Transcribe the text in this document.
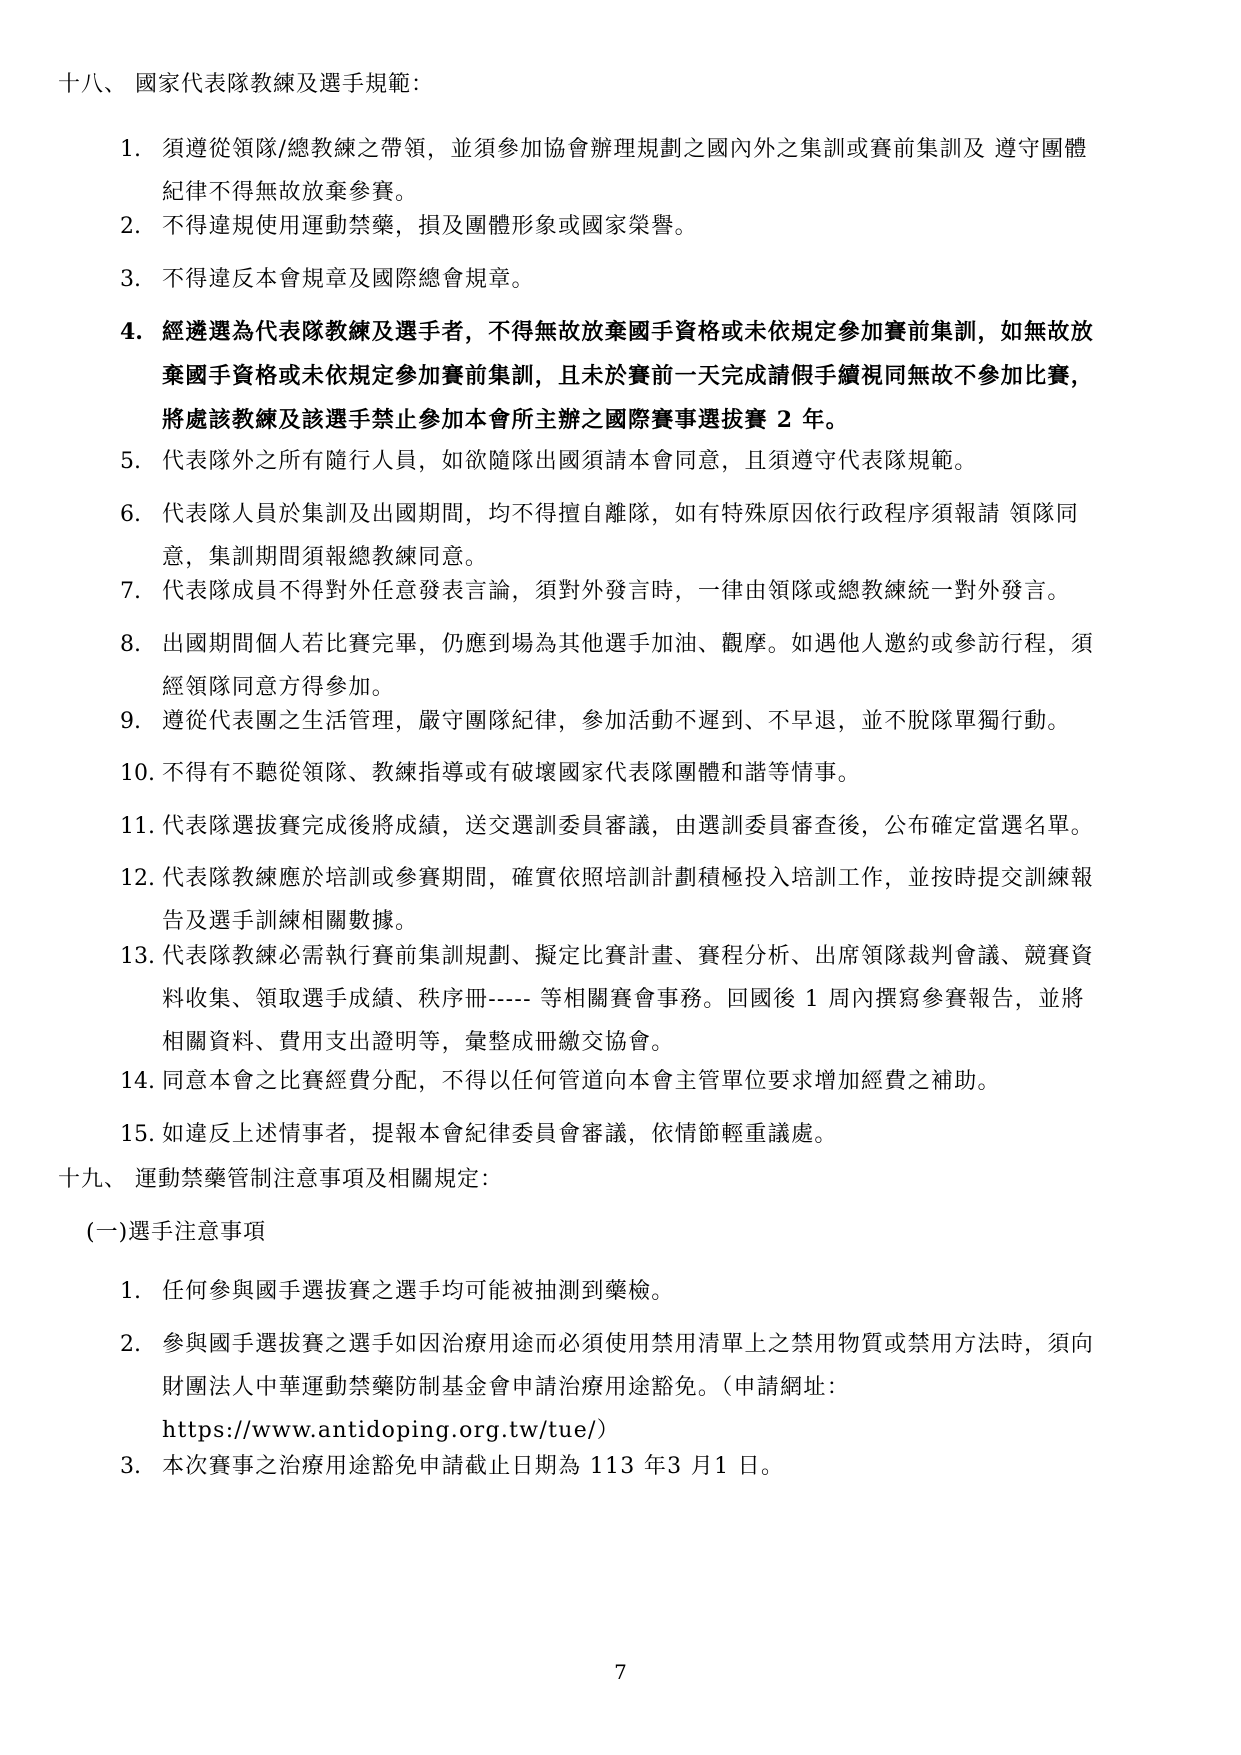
十八、 國家代表隊教練及選手規範：
1. 須遵從領隊/總教練之帶領，並須參加協會辦理規劃之國內外之集訓或賽前集訓及 遵守團體
紀律不得無故放棄參賽。
2. 不得違規使用運動禁藥，損及團體形象或國家榮譽。
3. 不得違反本會規章及國際總會規章。
4. 經遴選為代表隊教練及選手者，不得無故放棄國手資格或未依規定參加賽前集訓，如無故放
棄國手資格或未依規定參加賽前集訓，且未於賽前一天完成請假手續視同無故不參加比賽，
將處該教練及該選手禁止參加本會所主辦之國際賽事選拔賽 2 年。
5. 代表隊外之所有隨行人員，如欲隨隊出國須請本會同意，且須遵守代表隊規範。
6. 代表隊人員於集訓及出國期間，均不得擅自離隊，如有特殊原因依行政程序須報請 領隊同
意，集訓期間須報總教練同意。
7. 代表隊成員不得對外任意發表言論，須對外發言時，一律由領隊或總教練統一對外發言。
8. 出國期間個人若比賽完畢，仍應到場為其他選手加油、觀摩。如遇他人邀約或參訪行程，須
經領隊同意方得參加。
9. 遵從代表團之生活管理，嚴守團隊紀律，參加活動不遲到、不早退，並不脫隊單獨行動。
10. 不得有不聽從領隊、教練指導或有破壞國家代表隊團體和諧等情事。
11. 代表隊選拔賽完成後將成績，送交選訓委員審議，由選訓委員審查後，公布確定當選名單。
12. 代表隊教練應於培訓或參賽期間，確實依照培訓計劃積極投入培訓工作，並按時提交訓練報
告及選手訓練相關數據。
13. 代表隊教練必需執行賽前集訓規劃、擬定比賽計畫、賽程分析、出席領隊裁判會議、競賽資
料收集、領取選手成績、秩序冊----- 等相關賽會事務。回國後 1 周內撰寫參賽報告，並將
相關資料、費用支出證明等，彙整成冊繳交協會。
14. 同意本會之比賽經費分配，不得以任何管道向本會主管單位要求增加經費之補助。
15. 如違反上述情事者，提報本會紀律委員會審議，依情節輕重議處。
十九、 運動禁藥管制注意事項及相關規定：
(一)選手注意事項
1. 任何參與國手選拔賽之選手均可能被抽測到藥檢。
2. 參與國手選拔賽之選手如因治療用途而必須使用禁用清單上之禁用物質或禁用方法時，須向
財團法人中華運動禁藥防制基金會申請治療用途豁免。（申請網址：
https://www.antidoping.org.tw/tue/）
3. 本次賽事之治療用途豁免申請截止日期為 113 年3 月1 日。
7
